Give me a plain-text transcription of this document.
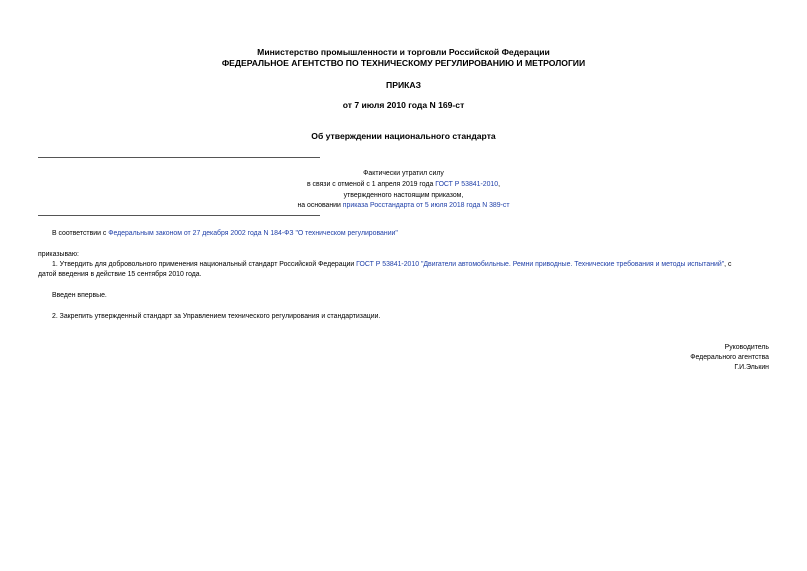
Министерство промышленности и торговли Российской Федерации
ФЕДЕРАЛЬНОЕ АГЕНТСТВО ПО ТЕХНИЧЕСКОМУ РЕГУЛИРОВАНИЮ И МЕТРОЛОГИИ
ПРИКАЗ
от 7 июля 2010 года N 169-ст
Об утверждении национального стандарта
Фактически утратил силу
в связи с отменой с 1 апреля 2019 года ГОСТ Р 53841-2010,
утвержденного настоящим приказом,
на основании приказа Росстандарта от 5 июля 2018 года N 389-ст
В соответствии с Федеральным законом от 27 декабря 2002 года N 184-ФЗ "О техническом регулировании"
приказываю:
1. Утвердить для добровольного применения национальный стандарт Российской Федерации ГОСТ Р 53841-2010 "Двигатели автомобильные. Ремни приводные. Технические требования и методы испытаний", с
датой введения в действие 15 сентября 2010 года.
Введен впервые.
2. Закрепить утвержденный стандарт за Управлением технического регулирования и стандартизации.
Руководитель
Федерального агентства
Г.И.Элькин
